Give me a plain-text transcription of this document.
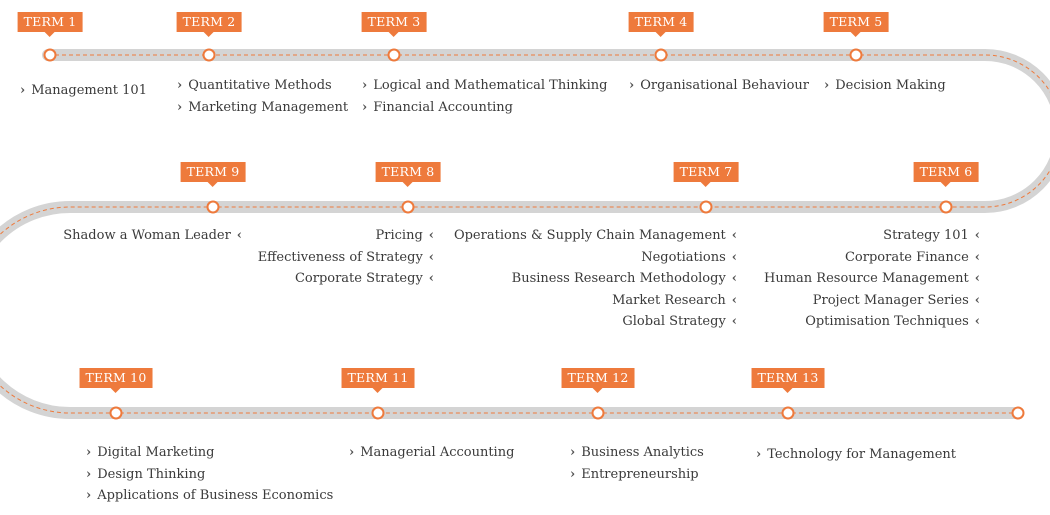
TERM 1
› Management 101
TERM 2
› Quantitative Methods
› Marketing Management
TERM 3
› Logical and Mathematical Thinking
› Financial Accounting
TERM 4
› Organisational Behaviour
TERM 5
› Decision Making
TERM 6
Strategy 101 ‹
Corporate Finance ‹
Human Resource Management ‹
Project Manager Series ‹
Optimisation Techniques ‹
TERM 7
Operations & Supply Chain Management ‹
Negotiations ‹
Business Research Methodology ‹
Market Research ‹
Global Strategy ‹
TERM 8
Pricing ‹
Effectiveness of Strategy ‹
Corporate Strategy ‹
TERM 9
Shadow a Woman Leader ‹
TERM 10
› Digital Marketing
› Design Thinking
› Applications of Business Economics
TERM 11
› Managerial Accounting
TERM 12
› Business Analytics
› Entrepreneurship
TERM 13
› Technology for Management
